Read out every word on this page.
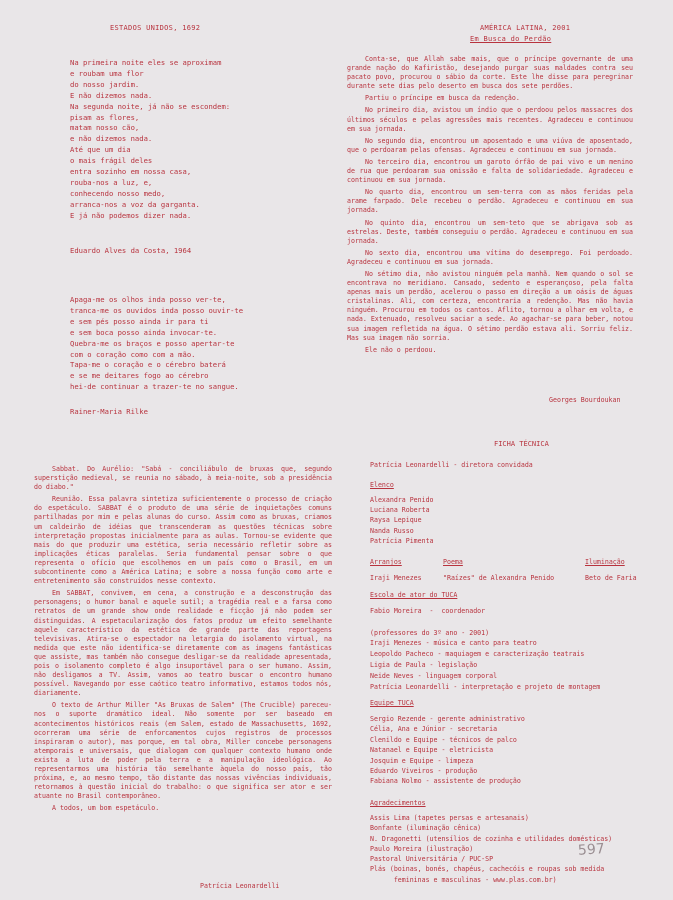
ESTADOS UNIDOS, 1692
Na primeira noite eles se aproximam
e roubam uma flor
do nosso jardim.
E não dizemos nada.
Na segunda noite, já não se escondem:
pisam as flores,
matam nosso cão,
e não dizemos nada.
Até que um dia
o mais frágil deles
entra sozinho em nossa casa,
rouba-nos a luz, e,
conhecendo nosso medo,
arranca-nos a voz da garganta.
E já não podemos dizer nada.
Eduardo Alves da Costa, 1964
Apaga-me os olhos inda posso ver-te,
tranca-me os ouvidos inda posso ouvir-te
e sem pés posso ainda ir para ti
e sem boca posso ainda invocar-te.
Quebra-me os braços e posso apertar-te
com o coração como com a mão.
Tapa-me o coração e o cérebro baterá
e se me deitares fogo ao cérebro
hei-de continuar a trazer-te no sangue.
Rainer-Maria Rilke
AMÉRICA LATINA, 2001
Em Busca do Perdão

Conta-se, que Allah sabe mais, que o príncipe governante de uma grande nação do Kafiristão, desejando purgar suas maldades contra seu pacato povo, procurou o sábio da corte. Este lhe disse para peregrinar durante sete dias pelo deserto em busca dos sete perdões.

Partiu o príncipe em busca da redenção.

No primeiro dia, avistou um índio que o perdoou pelos massacres dos últimos séculos e pelas agressões mais recentes. Agradeceu e continuou em sua jornada.

No segundo dia, encontrou um aposentado e uma viúva de aposentado, que o perdoaram pelas ofensas. Agradeceu e continuou em sua jornada.

No terceiro dia, encontrou um garoto órfão de pai vivo e um menino de rua que perdoaram sua omissão e falta de solidariedade. Agradeceu e continuou em sua jornada.

No quarto dia, encontrou um sem-terra com as mãos feridas pela arame farpado. Dele recebeu o perdão. Agradeceu e continuou em sua jornada.

No quinto dia, encontrou um sem-teto que se abrigava sob as estrelas. Deste, também conseguiu o perdão. Agradeceu e continuou em sua jornada.

No sexto dia, encontrou uma vítima do desemprego. Foi perdoado. Agradeceu e continuou em sua jornada.

No sétimo dia, não avistou ninguém pela manhã. Nem quando o sol se encontrava no meridiano. Cansado, sedento e esperançoso, pela falta apenas mais um perdão, acelerou o passo em direção a um oásis de águas cristalinas. Ali, com certeza, encontraria a redenção. Mas não havia ninguém. Procurou em todos os cantos. Aflito, tornou a olhar em volta, e nada. Extenuado, resolveu saciar a sede. Ao agachar-se para beber, notou sua imagem refletida na água. O sétimo perdão estava ali. Sorriu feliz. Mas sua imagem não sorria.

Ele não o perdoou.

Georges Bourdoukan

Sabbat. Do Aurélio: "Sabá - conciliábulo de bruxas que, segundo superstição medieval, se reunia no sábado, à meia-noite, sob a presidência do diabo."

Reunião. Essa palavra sintetiza suficientemente o processo de criação do espetáculo. SABBAT é o produto de uma série de inquietações comuns partilhadas por mim e pelas alunas do curso. Assim como as bruxas, criamos um caldeirão de idéias que transcenderam as questões técnicas sobre interpretação propostas inicialmente para as aulas. Tornou-se evidente que mais do que produzir uma estética, seria necessário refletir sobre as implicações éticas paralelas. Seria fundamental pensar sobre o que representa o ofício que escolhemos em um país como o Brasil, em um subcontinente como a América Latina; e sobre a nossa função como arte e entretenimento são construídos nesse contexto.

Em SABBAT, convivem, em cena, a construção e a desconstrução das personagens; o humor banal e aquele sutil; a tragédia real e a farsa como retratos de um grande show onde realidade e ficção já não podem ser distinguidas. A espetacularização dos fatos produz um efeito semelhante aquele característico da estética de grande parte das reportagens televisivas. Atira-se o espectador na letargia do isolamento virtual, na medida que este não identifica-se diretamente com as imagens fantásticas que assiste, mas também não consegue desligar-se da realidade apresentada, pois o isolamento completo é algo insuportável para o ser humano. Assim, não desligamos a TV. Assim, vamos ao teatro buscar o encontro humano possível. Navegando por esse caótico teatro informativo, estamos todos nós, diariamente.

O texto de Arthur Miller "As Bruxas de Salem" (The Crucible) pareceu-nos o suporte dramático ideal. Não somente por ser baseado em acontecimentos históricos reais (em Salem, estado de Massachusetts, 1692, ocorreram uma série de enforcamentos cujos registros de processos inspiraram o autor), mas porque, em tal obra, Miller concebe personagens atemporais e universais, que dialogam com qualquer contexto humano onde exista a luta de poder pela terra e a manipulação ideológica. Ao representarmos uma história tão semelhante àquela do nosso país, tão próxima, e, ao mesmo tempo, tão distante das nossas vivências individuais, retornamos à questão inicial do trabalho: o que significa ser ator e ser atuante no Brasil contemporâneo.

A todos, um bom espetáculo.

Patrícia Leonardelli
FICHA TÉCNICA
Patrícia Leonardelli - diretora convidada
Elenco
Alexandra Penido
Luciana Roberta
Raysa Lepique
Nanda Russo
Patrícia Pimenta
Arranjos	Poema	Iluminação
Iraji Menezes	"Raízes" de Alexandra Penido	Beto de Faria
Escola de ator do TUCA
Fabio Moreira  -  coordenador

(professores do 3º ano - 2001)
Iraji Menezes - música e canto para teatro
Leopoldo Pacheco - maquiagem e caracterização teatrais
Ligia de Paula - legislação
Neide Neves - linguagem corporal
Patrícia Leonardelli - interpretação e projeto de montagem
Equipe TUCA
Sergio Rezende - gerente administrativo
Célia, Ana e Júnior - secretaria
Clenildo e Equipe - técnicos de palco
Natanael e Equipe - eletricista
Josquim e Equipe - limpeza
Eduardo Viveiros - produção
Fabiana Nolmo - assistente de produção
Agradecimentos
Assis Lima (tapetes persas e artesanais)
Bonfante (iluminação cênica)
N. Dragonetti (utensílios de cozinha e utilidades domésticas)
Paulo Moreira (ilustração)
Pastoral Universitária / PUC-SP
Plás (boinas, bonés, chapéus, cachecóis e roupas sob medida
femininas e masculinas - www.plas.com.br)
597
